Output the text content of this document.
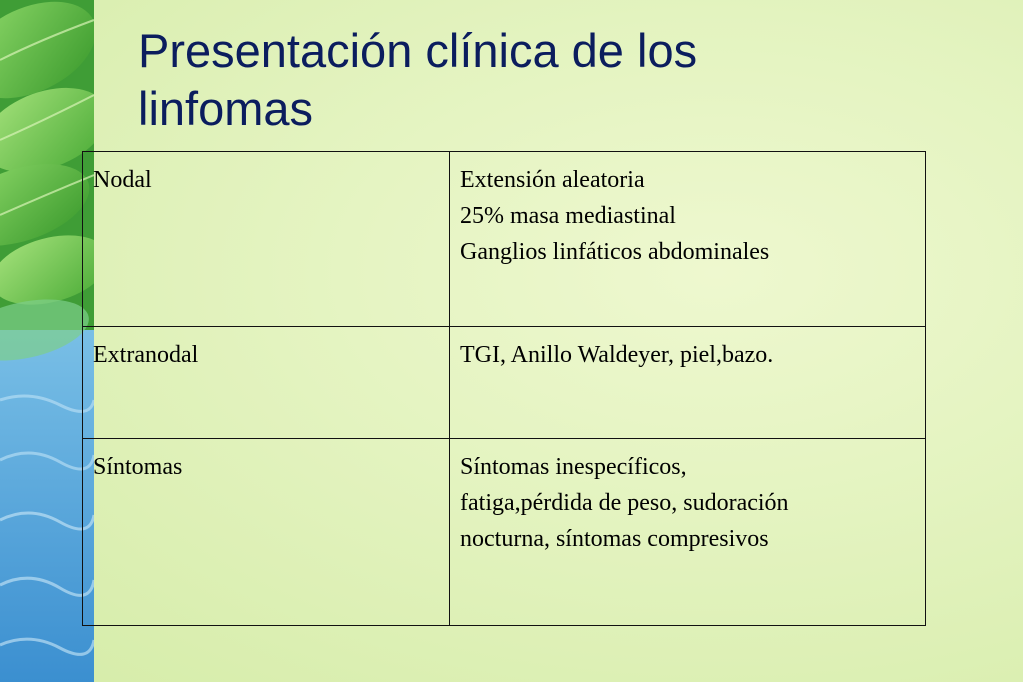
Presentación clínica de los
linfomas
Nodal	Extensión aleatoria
25% masa mediastinal
Ganglios linfáticos abdominales

Extranodal	TGI, Anillo Waldeyer, piel,bazo.

Síntomas	Síntomas inespecíficos,
fatiga,pérdida de peso, sudoración
nocturna, síntomas compresivos
